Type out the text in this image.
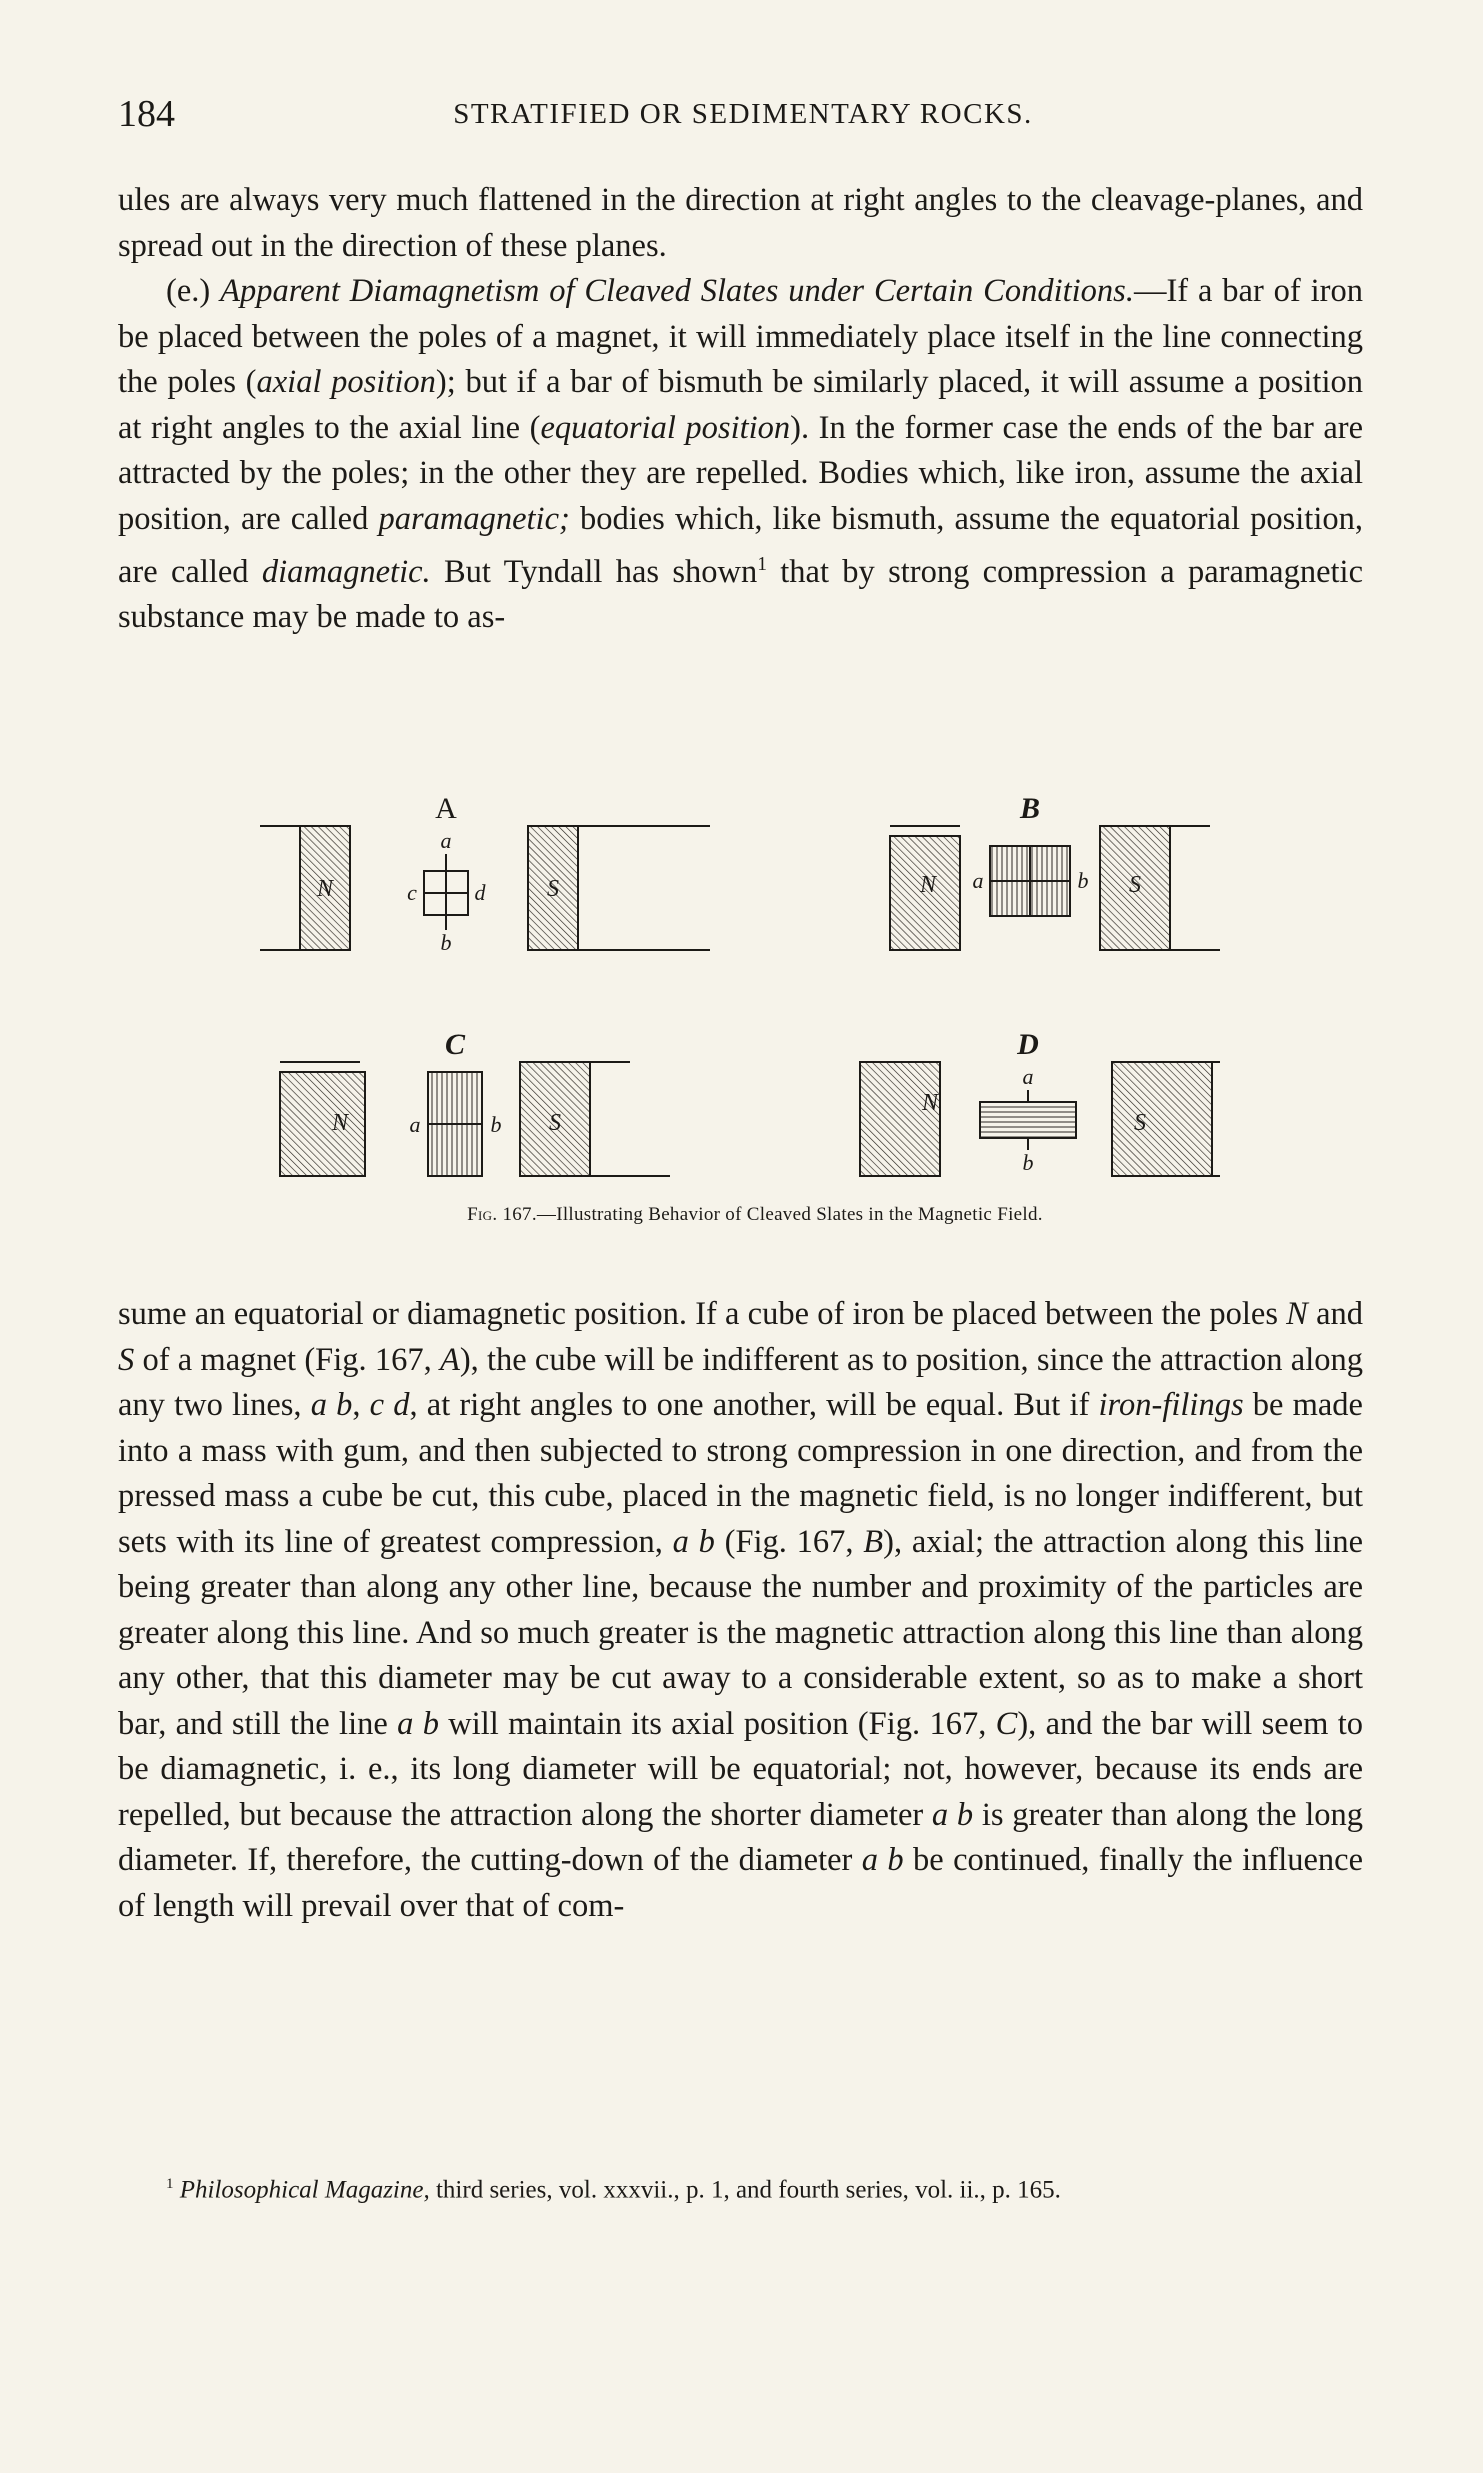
184	STRATIFIED OR SEDIMENTARY ROCKS.

ules are always very much flattened in the direction at right angles to the cleavage-planes, and spread out in the direction of these planes.

(e.) Apparent Diamagnetism of Cleaved Slates under Certain Conditions.—If a bar of iron be placed between the poles of a magnet, it will immediately place itself in the line connecting the poles (axial position); but if a bar of bismuth be similarly placed, it will assume a position at right angles to the axial line (equatorial position). In the former case the ends of the bar are attracted by the poles; in the other they are repelled. Bodies which, like iron, assume the axial position, are called paramagnetic; bodies which, like bismuth, assume the equatorial position, are called diamagnetic. But Tyndall has shown$^1$ that by strong compression a paramagnetic substance may be made to as-

A	B
C	D
N	S	N	S
N	S
N
S
a
b
c	d	a	b
a	b
a
b
Fig. 167.—Illustrating Behavior of Cleaved Slates in the Magnetic Field.

sume an equatorial or diamagnetic position. If a cube of iron be placed between the poles N and S of a magnet (Fig. 167, A), the cube will be indifferent as to position, since the attraction along any two lines, a b, c d, at right angles to one another, will be equal. But if iron-filings be made into a mass with gum, and then subjected to strong compression in one direction, and from the pressed mass a cube be cut, this cube, placed in the magnetic field, is no longer indifferent, but sets with its line of greatest compression, a b (Fig. 167, B), axial; the attraction along this line being greater than along any other line, because the number and proximity of the particles are greater along this line. And so much greater is the magnetic attraction along this line than along any other, that this diameter may be cut away to a considerable extent, so as to make a short bar, and still the line a b will maintain its axial position (Fig. 167, C), and the bar will seem to be diamagnetic, i. e., its long diameter will be equatorial; not, however, because its ends are repelled, but because the attraction along the shorter diameter a b is greater than along the long diameter. If, therefore, the cutting-down of the diameter a b be continued, finally the influence of length will prevail over that of com-

$^1$ Philosophical Magazine, third series, vol. xxxvii., p. 1, and fourth series, vol. ii., p. 165.
